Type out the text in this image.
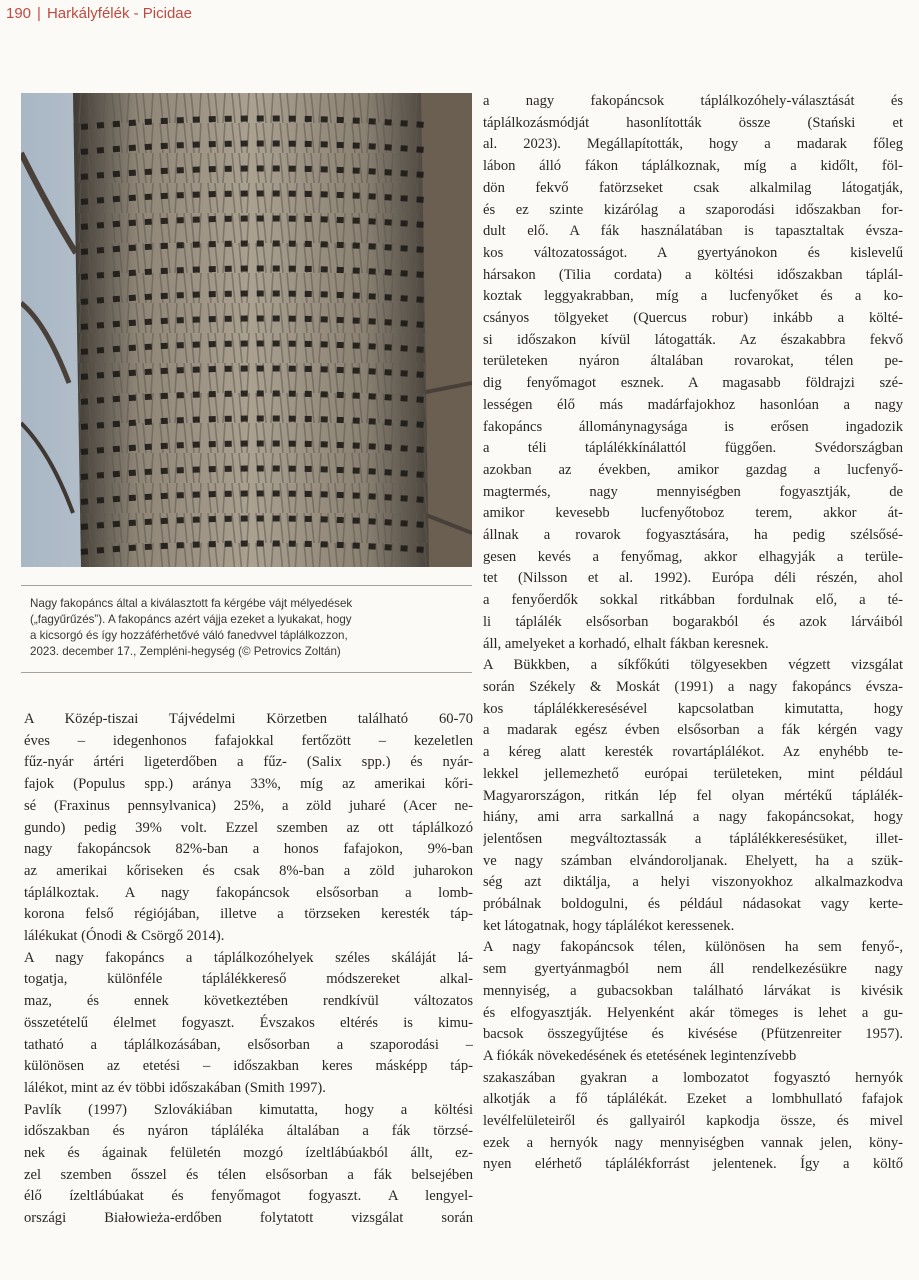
190 | Harkályfélék - Picidae
Nagy fakopáncs által a kiválasztott fa kérgébe vájt mélyedések
(„fagyűrűzés”). A fakopáncs azért vájja ezeket a lyukakat, hogy
a kicsorgó és így hozzáférhetővé váló fanedvvel táplálkozzon,
2023. december 17., Zempléni-hegység (© Petrovics Zoltán)
A Közép-tiszai Tájvédelmi Körzetben található 60-70
éves – idegenhonos fafajokkal fertőzött – kezeletlen
fűz-nyár ártéri ligeterdőben a fűz- (Salix spp.) és nyár-
fajok (Populus spp.) aránya 33%, míg az amerikai kőri-
sé (Fraxinus pennsylvanica) 25%, a zöld juharé (Acer ne-
gundo) pedig 39% volt. Ezzel szemben az ott táplálkozó
nagy fakopáncsok 82%-ban a honos fafajokon, 9%-ban
az amerikai kőriseken és csak 8%-ban a zöld juharokon
táplálkoztak. A nagy fakopáncsok elsősorban a lomb-
korona felső régiójában, illetve a törzseken keresték táp-
lálékukat (Ónodi & Csörgő 2014).
A nagy fakopáncs a táplálkozóhelyek széles skáláját lá-
togatja, különféle táplálékkereső módszereket alkal-
maz, és ennek következtében rendkívül változatos
összetételű élelmet fogyaszt. Évszakos eltérés is kimu-
tatható a táplálkozásában, elsősorban a szaporodási –
különösen az etetési – időszakban keres másképp táp-
lálékot, mint az év többi időszakában (Smith 1997).
Pavlík (1997) Szlovákiában kimutatta, hogy a költési
időszakban és nyáron tápláléka általában a fák törzsé-
nek és ágainak felületén mozgó ízeltlábúakból állt, ez-
zel szemben ősszel és télen elsősorban a fák belsejében
élő ízeltlábúakat és fenyőmagot fogyaszt. A lengyel-
országi Białowieża-erdőben folytatott vizsgálat során
a nagy fakopáncsok táplálkozóhely-választását és
táplálkozásmódját hasonlították össze (Stański et
al. 2023). Megállapították, hogy a madarak főleg
lábon álló fákon táplálkoznak, míg a kidőlt, föl-
dön fekvő fatörzseket csak alkalmilag látogatják,
és ez szinte kizárólag a szaporodási időszakban for-
dult elő. A fák használatában is tapasztaltak évsza-
kos változatosságot. A gyertyánokon és kislevelű
hársakon (Tilia cordata) a költési időszakban táplál-
koztak leggyakrabban, míg a lucfenyőket és a ko-
csányos tölgyeket (Quercus robur) inkább a költé-
si időszakon kívül látogatták. Az északabbra fekvő
területeken nyáron általában rovarokat, télen pe-
dig fenyőmagot esznek. A magasabb földrajzi szé-
lességen élő más madárfajokhoz hasonlóan a nagy
fakopáncs állománynagysága is erősen ingadozik
a téli táplálékkínálattól függően. Svédországban
azokban az években, amikor gazdag a lucfenyő-
magtermés, nagy mennyiségben fogyasztják, de
amikor kevesebb lucfenyőtoboz terem, akkor át-
állnak a rovarok fogyasztására, ha pedig szélsősé-
gesen kevés a fenyőmag, akkor elhagyják a terüle-
tet (Nilsson et al. 1992). Európa déli részén, ahol
a fenyőerdők sokkal ritkábban fordulnak elő, a té-
li táplálék elsősorban bogarakból és azok lárváiból
áll, amelyeket a korhadó, elhalt fákban keresnek.
A Bükkben, a síkfőkúti tölgyesekben végzett vizsgálat
során Székely & Moskát (1991) a nagy fakopáncs évsza-
kos táplálékkeresésével kapcsolatban kimutatta, hogy
a madarak egész évben elsősorban a fák kérgén vagy
a kéreg alatt keresték rovartáplálékot. Az enyhébb te-
lekkel jellemezhető európai területeken, mint például
Magyarországon, ritkán lép fel olyan mértékű táplálék-
hiány, ami arra sarkallná a nagy fakopáncsokat, hogy
jelentősen megváltoztassák a táplálékkeresésüket, illet-
ve nagy számban elvándoroljanak. Ehelyett, ha a szük-
ség azt diktálja, a helyi viszonyokhoz alkalmazkodva
próbálnak boldogulni, és például nádasokat vagy kerte-
ket látogatnak, hogy táplálékot keressenek.
A nagy fakopáncsok télen, különösen ha sem fenyő-,
sem gyertyánmagból nem áll rendelkezésükre nagy
mennyiség, a gubacsokban található lárvákat is kivésik
és elfogyasztják. Helyenként akár tömeges is lehet a gu-
bacsok összegyűjtése és kivésése (Pfützenreiter 1957).
A fiókák növekedésének és etetésének legintenzívebb
szakaszában gyakran a lombozatot fogyasztó hernyók
alkotják a fő táplálékát. Ezeket a lombhullató fafajok
levélfelületeiről és gallyairól kapkodja össze, és mivel
ezek a hernyók nagy mennyiségben vannak jelen, köny-
nyen elérhető táplálékforrást jelentenek. Így a költő
